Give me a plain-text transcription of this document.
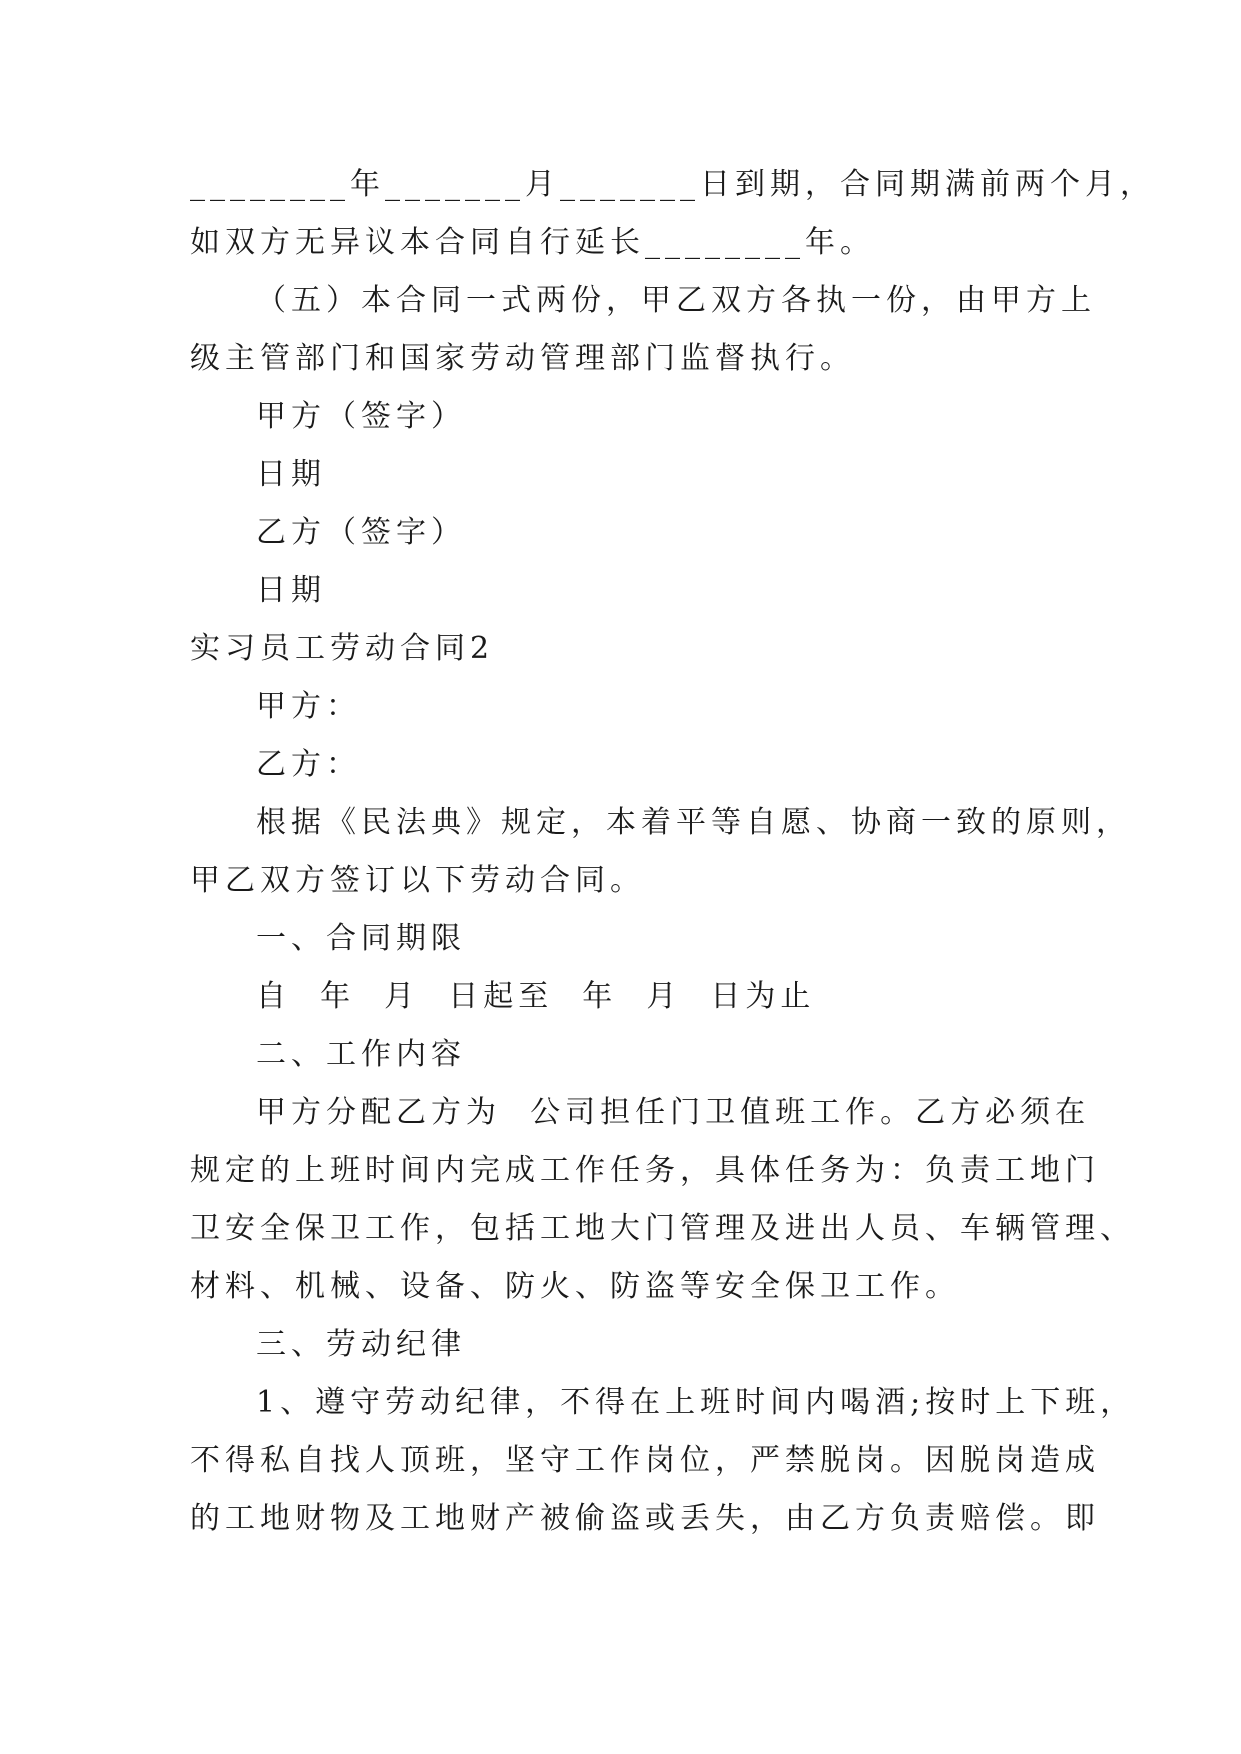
________年_______月_______日到期，合同期满前两个月，
如双方无异议本合同自行延长________年。
（五）本合同一式两份，甲乙双方各执一份，由甲方上
级主管部门和国家劳动管理部门监督执行。
甲方（签字）
日期
乙方（签字）
日期
实习员工劳动合同2
甲方：
乙方：
根据《民法典》规定，本着平等自愿、协商一致的原则，
甲乙双方签订以下劳动合同。
一、合同期限
自  年  月  日起至  年  月  日为止
二、工作内容
甲方分配乙方为  公司担任门卫值班工作。乙方必须在
规定的上班时间内完成工作任务，具体任务为：负责工地门
卫安全保卫工作，包括工地大门管理及进出人员、车辆管理、
材料、机械、设备、防火、防盗等安全保卫工作。
三、劳动纪律
1、遵守劳动纪律，不得在上班时间内喝酒;按时上下班，
不得私自找人顶班，坚守工作岗位，严禁脱岗。因脱岗造成
的工地财物及工地财产被偷盗或丢失，由乙方负责赔偿。即
